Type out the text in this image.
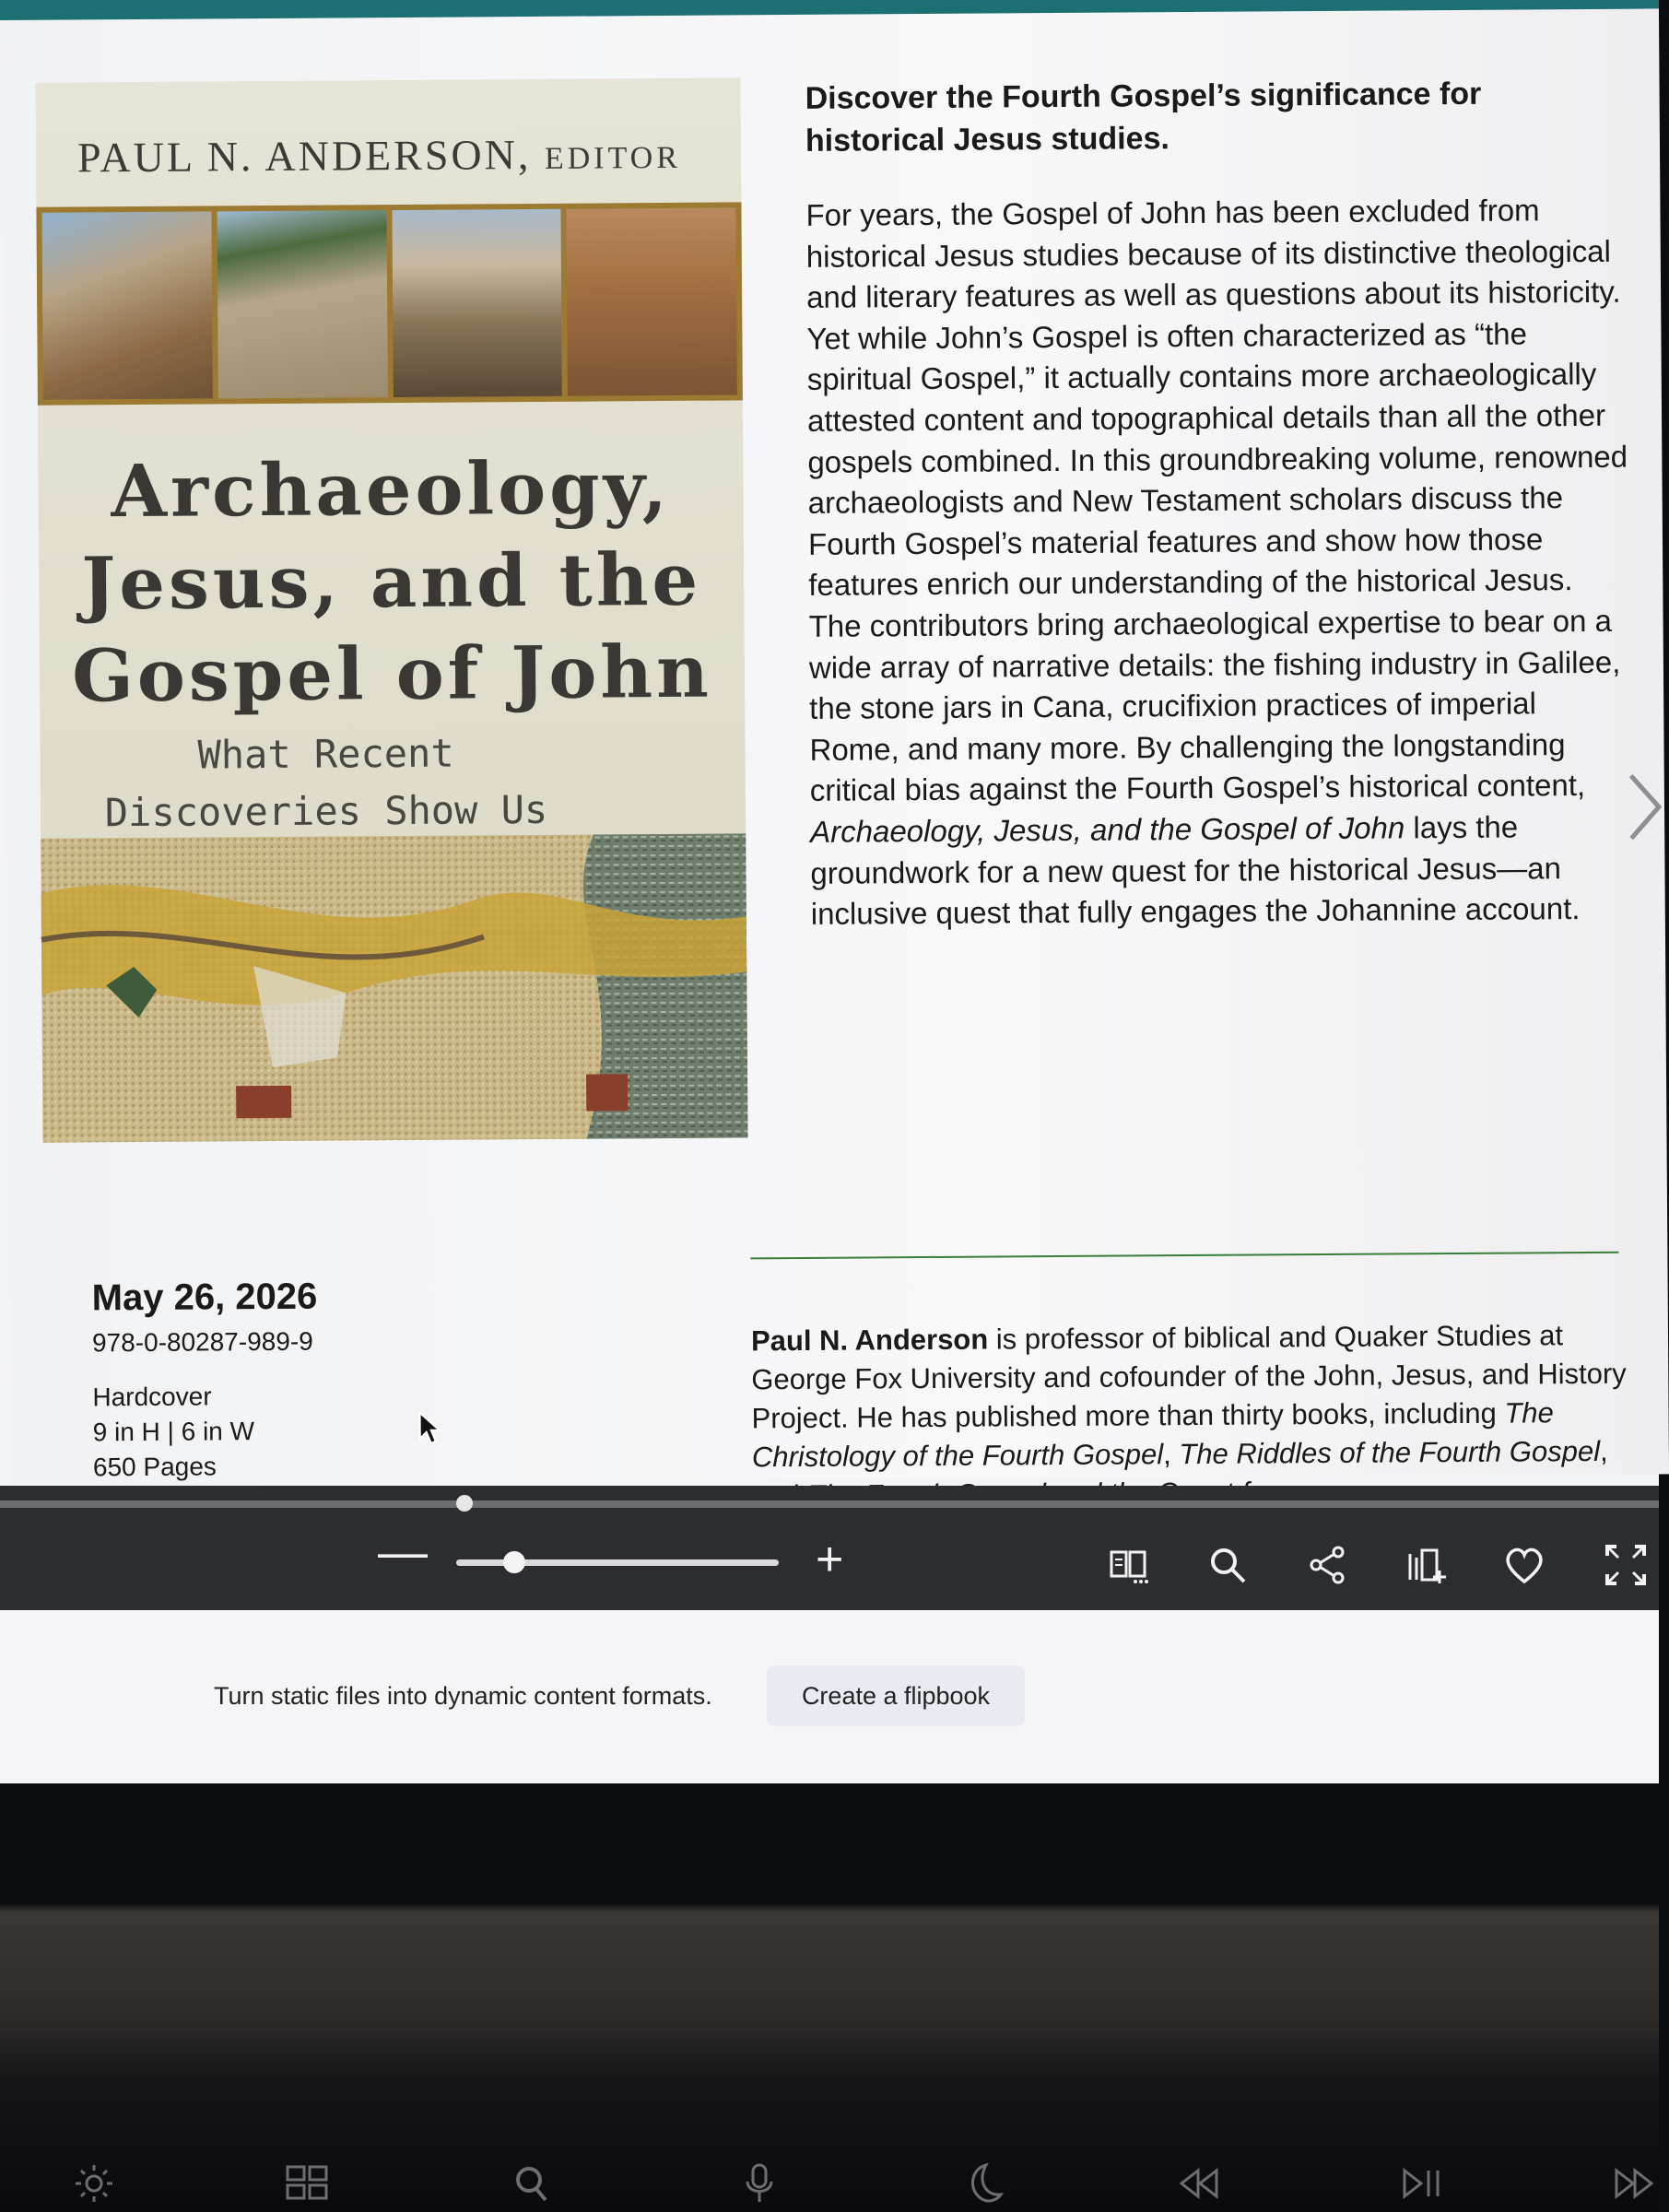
PAUL N. ANDERSON, EDITOR
Archaeology,
Jesus, and the
Gospel of John
What Recent
Discoveries Show Us
Discover the Fourth Gospel’s significance for historical Jesus studies.
For years, the Gospel of John has been excluded from historical Jesus studies because of its distinctive theological and literary features as well as questions about its historicity. Yet while John’s Gospel is often characterized as “the spiritual Gospel,” it actually contains more archaeologically attested content and topographical details than all the other gospels combined. In this groundbreaking volume, renowned archaeologists and New Testament scholars discuss the Fourth Gospel’s material features and show how those features enrich our understanding of the historical Jesus. The contributors bring archaeological expertise to bear on a wide array of narrative details: the fishing industry in Galilee, the stone jars in Cana, crucifixion practices of imperial Rome, and many more. By challenging the longstanding critical bias against the Fourth Gospel’s historical content, Archaeology, Jesus, and the Gospel of John lays the groundwork for a new quest for the historical Jesus—an inclusive quest that fully engages the Johannine account.
May 26, 2026
978-0-80287-989-9
Hardcover
9 in H | 6 in W
650 Pages
Paul N. Anderson is professor of biblical and Quaker Studies at George Fox University and cofounder of the John, Jesus, and History Project. He has published more than thirty books, including The Christology of the Fourth Gospel, The Riddles of the Fourth Gospel,
—	+
Turn static files into dynamic content formats.	Create a flipbook
